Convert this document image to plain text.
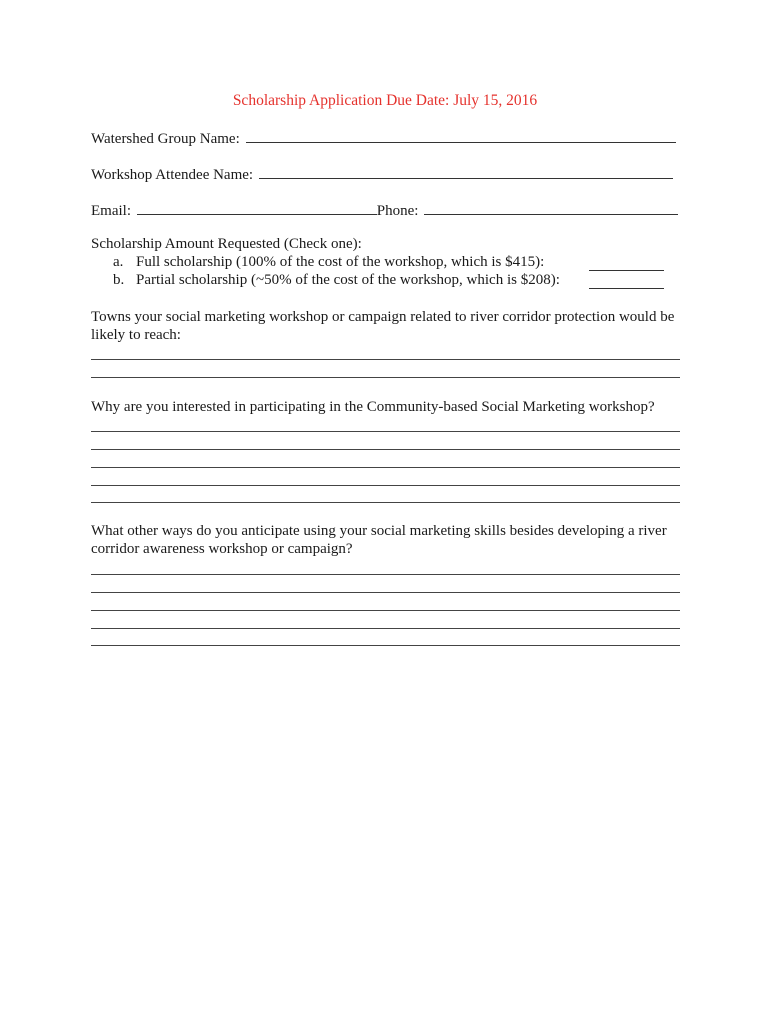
Scholarship Application Due Date: July 15, 2016
Watershed Group Name:
Workshop Attendee Name:
Email:	Phone:
Scholarship Amount Requested (Check one):
a. Full scholarship (100% of the cost of the workshop, which is $415):
b. Partial scholarship (~50% of the cost of the workshop, which is $208):
Towns your social marketing workshop or campaign related to river corridor protection would be likely to reach:
Why are you interested in participating in the Community-based Social Marketing workshop?
What other ways do you anticipate using your social marketing skills besides developing a river corridor awareness workshop or campaign?
